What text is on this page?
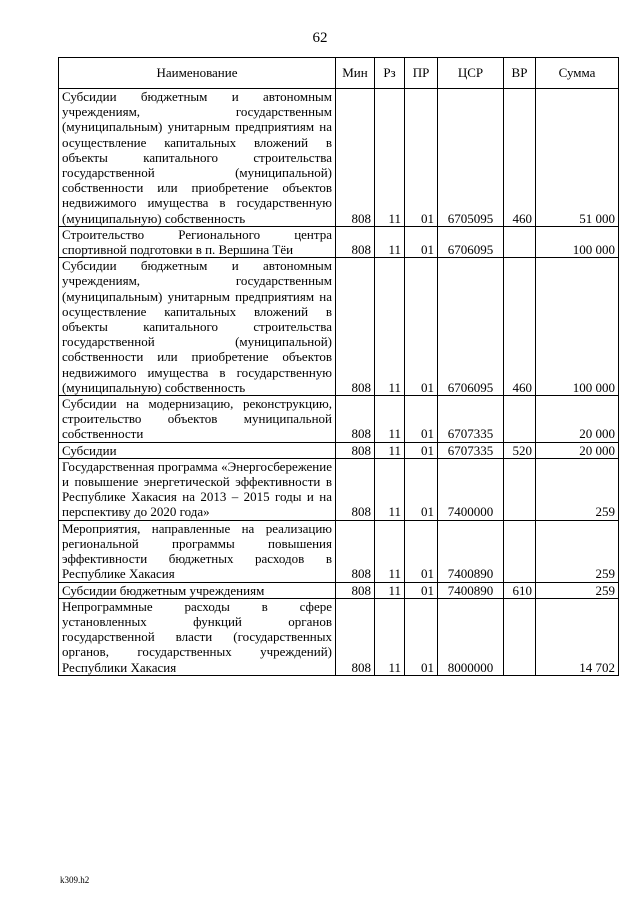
62
Наименование	Мин	Рз	ПР	ЦСР	ВР	Сумма
Субсидии бюджетным и автономным учреждениям, государственным (муниципальным) унитарным предприятиям на осуществление капитальных вложений в объекты капитального строительства государственной (муниципальной) собственности или приобретение объектов недвижимого имущества в государственную (муниципальную) собственность	808	11	01	6705095	460	51 000
Строительство Регионального центра спортивной подготовки в п. Вершина Тёи	808	11	01	6706095		100 000
Субсидии бюджетным и автономным учреждениям, государственным (муниципальным) унитарным предприятиям на осуществление капитальных вложений в объекты капитального строительства государственной (муниципальной) собственности или приобретение объектов недвижимого имущества в государственную (муниципальную) собственность	808	11	01	6706095	460	100 000
Субсидии на модернизацию, реконструкцию, строительство объектов муниципальной собственности	808	11	01	6707335		20 000
Субсидии	808	11	01	6707335	520	20 000
Государственная программа «Энергосбережение и повышение энергетической эффективности в Республике Хакасия на 2013 – 2015 годы и на перспективу до 2020 года»	808	11	01	7400000		259
Мероприятия, направленные на реализацию региональной программы повышения эффективности бюджетных расходов в Республике Хакасия	808	11	01	7400890		259
Субсидии бюджетным учреждениям	808	11	01	7400890	610	259
Непрограммные расходы в сфере установленных функций органов государственной власти (государственных органов, государственных учреждений) Республики Хакасия	808	11	01	8000000		14 702
k309.h2
